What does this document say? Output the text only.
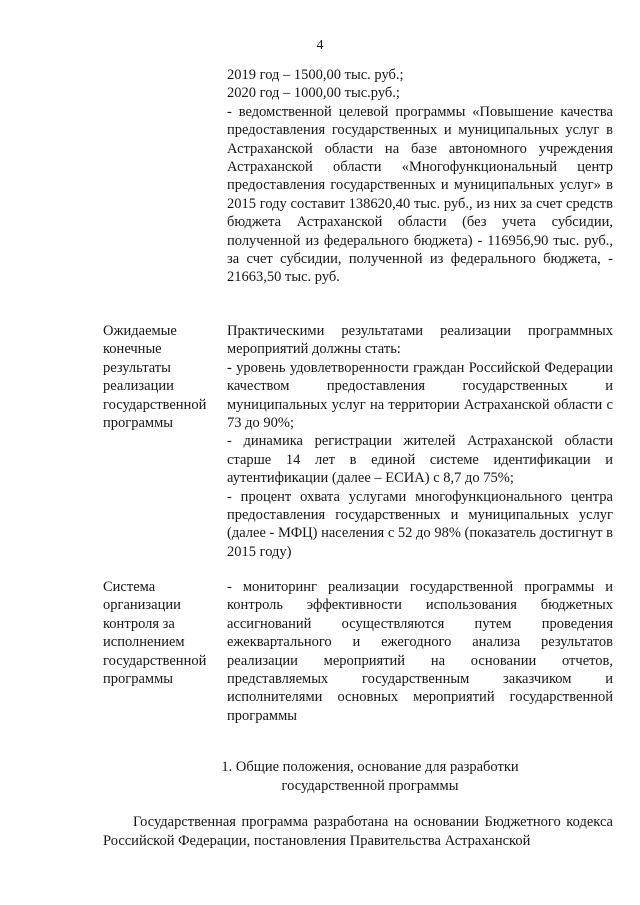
4

2019 год – 1500,00 тыс. руб.;

2020 год – 1000,00 тыс.руб.;

- ведомственной целевой программы «Повышение качества предоставления государственных и муниципальных услуг в Астраханской области на базе автономного учреждения Астраханской области «Многофункциональный центр предоставления государственных и муниципальных услуг» в 2015 году составит 138620,40 тыс. руб., из них за счет средств бюджета Астраханской области (без учета субсидии, полученной из федерального бюджета) - 116956,90 тыс. руб., за счет субсидии, полученной из федерального бюджета, - 21663,50 тыс. руб.

Ожидаемые конечные результаты реализации государственной программы

Практическими результатами реализации программных мероприятий должны стать:

- уровень удовлетворенности граждан Российской Федерации качеством предоставления государственных и муниципальных услуг на территории Астраханской области с 73 до 90%;

- динамика регистрации жителей Астраханской области старше 14 лет в единой системе идентификации и аутентификации (далее – ЕСИА) с 8,7 до 75%;

- процент охвата услугами многофункционального центра предоставления государственных и муниципальных услуг (далее - МФЦ) населения с 52 до 98% (показатель достигнут в 2015 году)

Система организации контроля за исполнением государственной программы

- мониторинг реализации государственной программы и контроль эффективности использования бюджетных ассигнований осуществляются путем проведения ежеквартального и ежегодного анализа результатов реализации мероприятий на основании отчетов, представляемых государственным заказчиком и исполнителями основных мероприятий государственной программы

1. Общие положения, основание для разработки
государственной программы

Государственная программа разработана на основании Бюджетного кодекса Российской Федерации, постановления Правительства Астраханской
